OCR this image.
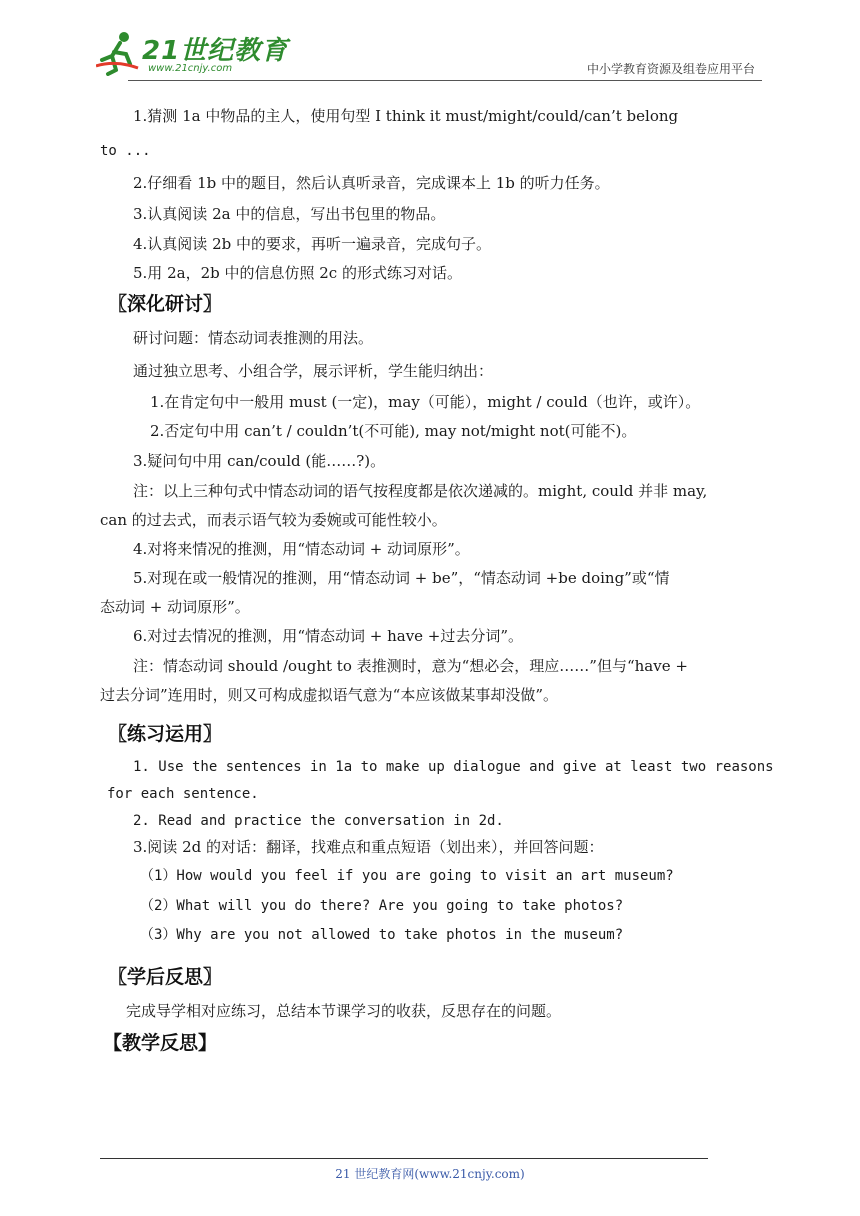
21世纪教育
www.21cnjy.com	中小学教育资源及组卷应用平台
1.猜测 1a 中物品的主人，使用句型 I think it must/might/could/can’t belong
to ...
2.仔细看 1b 中的题目，然后认真听录音，完成课本上 1b 的听力任务。
3.认真阅读 2a 中的信息，写出书包里的物品。
4.认真阅读 2b 中的要求，再听一遍录音，完成句子。
5.用 2a，2b 中的信息仿照 2c 的形式练习对话。
〖深化研讨〗
研讨问题：情态动词表推测的用法。
通过独立思考、小组合学，展示评析，学生能归纳出：
1.在肯定句中一般用 must (一定)，may（可能），might / could（也许，或许）。
2.否定句中用 can’t / couldn’t(不可能), may not/might not(可能不)。
3.疑问句中用 can/could (能……?)。
注：以上三种句式中情态动词的语气按程度都是依次递减的。might, could 并非 may,
can 的过去式，而表示语气较为委婉或可能性较小。
4.对将来情况的推测，用“情态动词 + 动词原形”。
5.对现在或一般情况的推测，用“情态动词 + be”，“情态动词 +be doing”或“情
态动词 + 动词原形”。
6.对过去情况的推测，用“情态动词 + have +过去分词”。
注：情态动词 should /ought to 表推测时，意为“想必会，理应……”但与“have +
过去分词”连用时，则又可构成虚拟语气意为“本应该做某事却没做”。
〖练习运用〗
1. Use the sentences in 1a to make up dialogue and give at least two reasons
for each sentence.
2. Read and practice the conversation in 2d.
3.阅读 2d 的对话：翻译，找难点和重点短语（划出来），并回答问题：
（1）How would you feel if you are going to visit an art museum?
（2）What will you do there? Are you going to take photos?
（3）Why are you not allowed to take photos in the museum?
〖学后反思〗
完成导学相对应练习，总结本节课学习的收获，反思存在的问题。
【教学反思】
21 世纪教育网(www.21cnjy.com)
